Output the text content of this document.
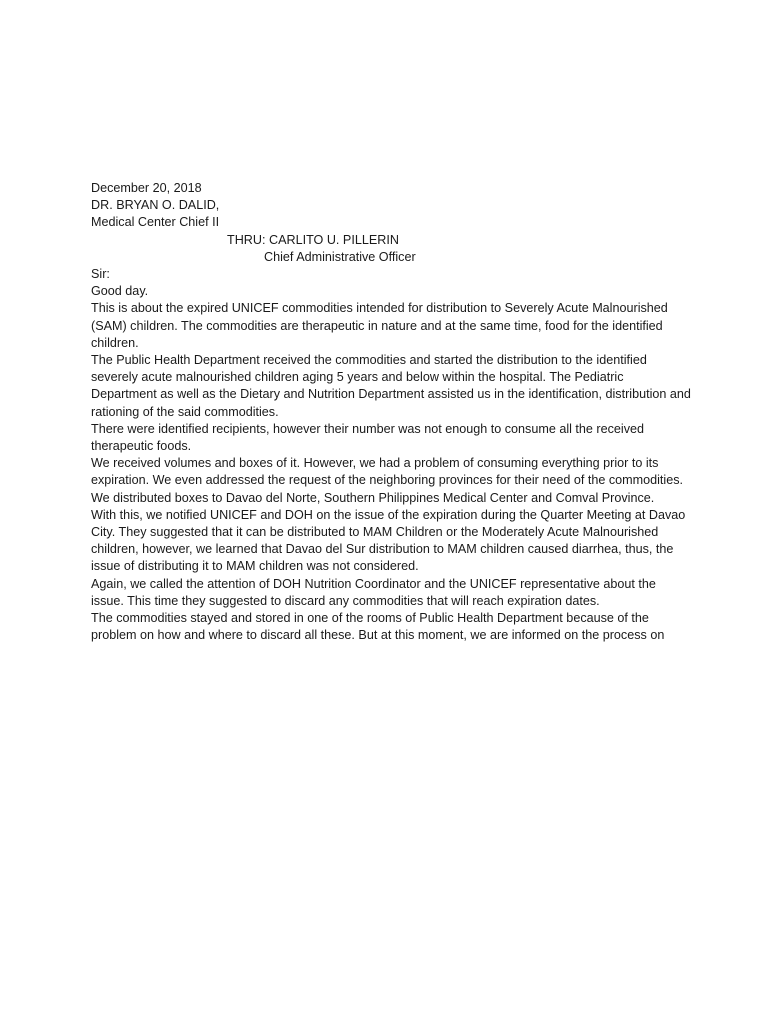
December 20, 2018

DR. BRYAN O. DALID,

Medical Center Chief II

THRU: CARLITO U. PILLERIN

Chief Administrative Officer

Sir:

Good day.

This is about the expired UNICEF commodities intended for distribution to Severely Acute Malnourished (SAM) children. The commodities are therapeutic in nature and at the same time, food for the identified children.

The Public Health Department received the commodities and started the distribution to the identified severely acute malnourished children aging 5 years and below within the hospital. The Pediatric Department as well as the Dietary and Nutrition Department assisted us in the identification, distribution and rationing of the said commodities.

There were identified recipients, however their number was not enough to consume all the received therapeutic foods.

We received volumes and boxes of it. However, we had a problem of consuming everything prior to its expiration. We even addressed the request of the neighboring provinces for their need of the commodities. We distributed boxes to Davao del Norte, Southern Philippines Medical Center and Comval Province.

With this, we notified UNICEF and DOH on the issue of the expiration during the Quarter Meeting at Davao City. They suggested that it can be distributed to MAM Children or the Moderately Acute Malnourished children, however, we learned that Davao del Sur distribution to MAM children caused diarrhea, thus, the issue of distributing it to MAM children was not considered.

Again, we called the attention of DOH Nutrition Coordinator and the UNICEF representative about the issue. This time they suggested to discard any commodities that will reach expiration dates.

The commodities stayed and stored in one of the rooms of Public Health Department because of the problem on how and where to discard all these. But at this moment, we are informed on the process on
